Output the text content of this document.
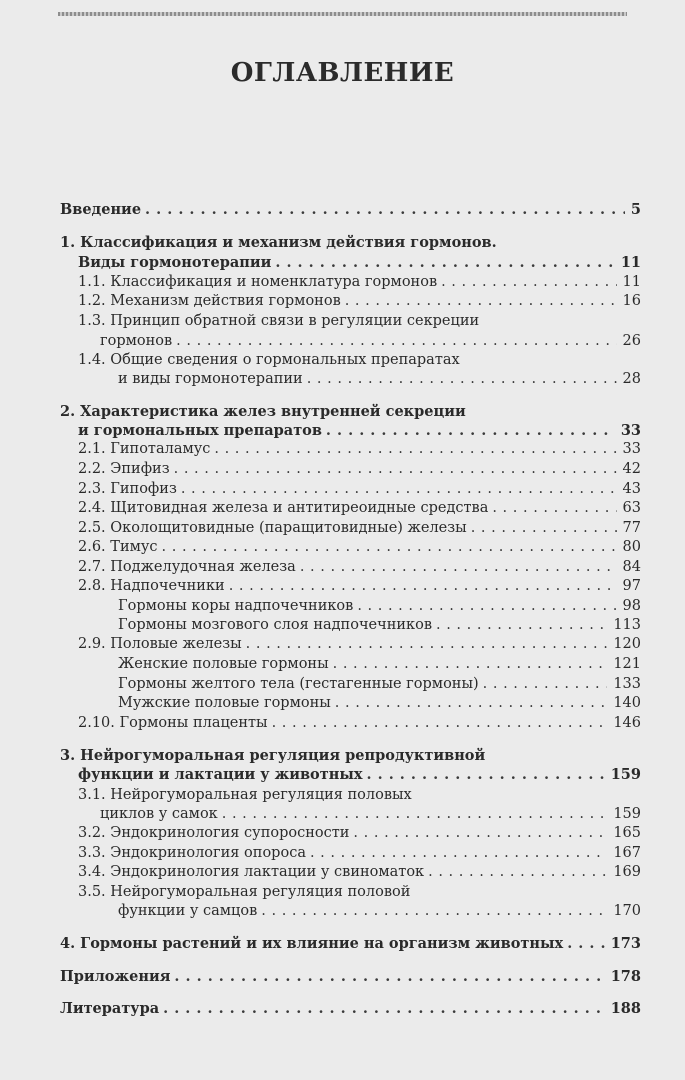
ОГЛАВЛЕНИЕ
Введение	5
. . .
1. Классификация и механизм действия гормонов.
Виды гормонотерапии	11
. . .
1.1. Классификация и номенклатура гормонов	11
. . .
1.2. Механизм действия гормонов	16
. . .
1.3. Принцип обратной связи в регуляции секреции
гормонов	26
. . .
1.4. Общие сведения о гормональных препаратах
и виды гормонотерапии	28
. . .
2. Характеристика желез внутренней секреции
и гормональных препаратов	33
. . .
2.1. Гипоталамус	33
. . .
2.2. Эпифиз	42
. . .
2.3. Гипофиз	43
. . .
2.4. Щитовидная железа и антитиреоидные средства	63
. . .
2.5. Околощитовидные (паращитовидные) железы	77
. . .
2.6. Тимус	80
. . .
2.7. Поджелудочная железа	84
. . .
2.8. Надпочечники	97
. . .
Гормоны коры надпочечников	98
. . .
Гормоны мозгового слоя надпочечников	113
. . .
2.9. Половые железы	120
. . .
Женские половые гормоны	121
. . .
Гормоны желтого тела (гестагенные гормоны)	133
. . .
Мужские половые гормоны	140
. . .
2.10. Гормоны плаценты	146
. . .
3. Нейрогуморальная регуляция репродуктивной
функции и лактации у животных	159
. . .
3.1. Нейрогуморальная регуляция половых
циклов у самок	159
. . .
3.2. Эндокринология супоросности	165
. . .
3.3. Эндокринология опороса	167
. . .
3.4. Эндокринология лактации у свиноматок	169
. . .
3.5. Нейрогуморальная регуляция половой
функции у самцов	170
. . .
4. Гормоны растений и их влияние на организм животных	173
. . .
Приложения	178
. . .
Литература	188
. . .
